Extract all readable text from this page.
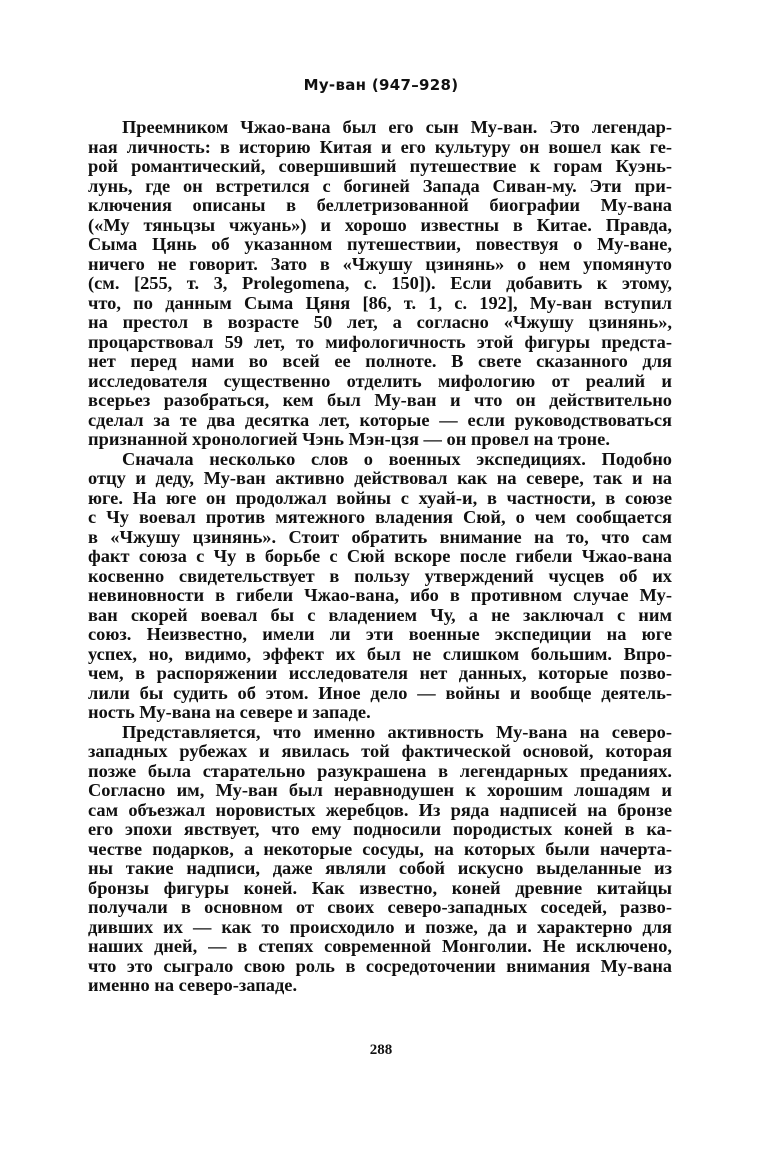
Му-ван (947–928)
Преемником Чжао-вана был его сын Му-ван. Это легендар-
ная личность: в историю Китая и его культуру он вошел как ге-
рой романтический, совершивший путешествие к горам Куэнь-
лунь, где он встретился с богиней Запада Сиван-му. Эти при-
ключения описаны в беллетризованной биографии Му-вана
(«Му тяньцзы чжуань») и хорошо известны в Китае. Правда,
Сыма Цянь об указанном путешествии, повествуя о Му-ване,
ничего не говорит. Зато в «Чжушу цзинянь» о нем упомянуто
(см. [255, т. 3, Prolegomena, с. 150]). Если добавить к этому,
что, по данным Сыма Цяня [86, т. 1, с. 192], Му-ван вступил
на престол в возрасте 50 лет, а согласно «Чжушу цзинянь»,
процарствовал 59 лет, то мифологичность этой фигуры предста-
нет перед нами во всей ее полноте. В свете сказанного для
исследователя существенно отделить мифологию от реалий и
всерьез разобраться, кем был Му-ван и что он действительно
сделал за те два десятка лет, которые — если руководствоваться
признанной хронологией Чэнь Мэн-цзя — он провел на троне.
Сначала несколько слов о военных экспедициях. Подобно
отцу и деду, Му-ван активно действовал как на севере, так и на
юге. На юге он продолжал войны с хуай-и, в частности, в союзе
с Чу воевал против мятежного владения Сюй, о чем сообщается
в «Чжушу цзинянь». Стоит обратить внимание на то, что сам
факт союза с Чу в борьбе с Сюй вскоре после гибели Чжао-вана
косвенно свидетельствует в пользу утверждений чусцев об их
невиновности в гибели Чжао-вана, ибо в противном случае Му-
ван скорей воевал бы с владением Чу, а не заключал с ним
союз. Неизвестно, имели ли эти военные экспедиции на юге
успех, но, видимо, эффект их был не слишком большим. Впро-
чем, в распоряжении исследователя нет данных, которые позво-
лили бы судить об этом. Иное дело — войны и вообще деятель-
ность Му-вана на севере и западе.
Представляется, что именно активность Му-вана на северо-
западных рубежах и явилась той фактической основой, которая
позже была старательно разукрашена в легендарных преданиях.
Согласно им, Му-ван был неравнодушен к хорошим лошадям и
сам объезжал норовистых жеребцов. Из ряда надписей на бронзе
его эпохи явствует, что ему подносили породистых коней в ка-
честве подарков, а некоторые сосуды, на которых были начерта-
ны такие надписи, даже являли собой искусно выделанные из
бронзы фигуры коней. Как известно, коней древние китайцы
получали в основном от своих северо-западных соседей, разво-
дивших их — как то происходило и позже, да и характерно для
наших дней, — в степях современной Монголии. Не исключено,
что это сыграло свою роль в сосредоточении внимания Му-вана
именно на северо-западе.
288
